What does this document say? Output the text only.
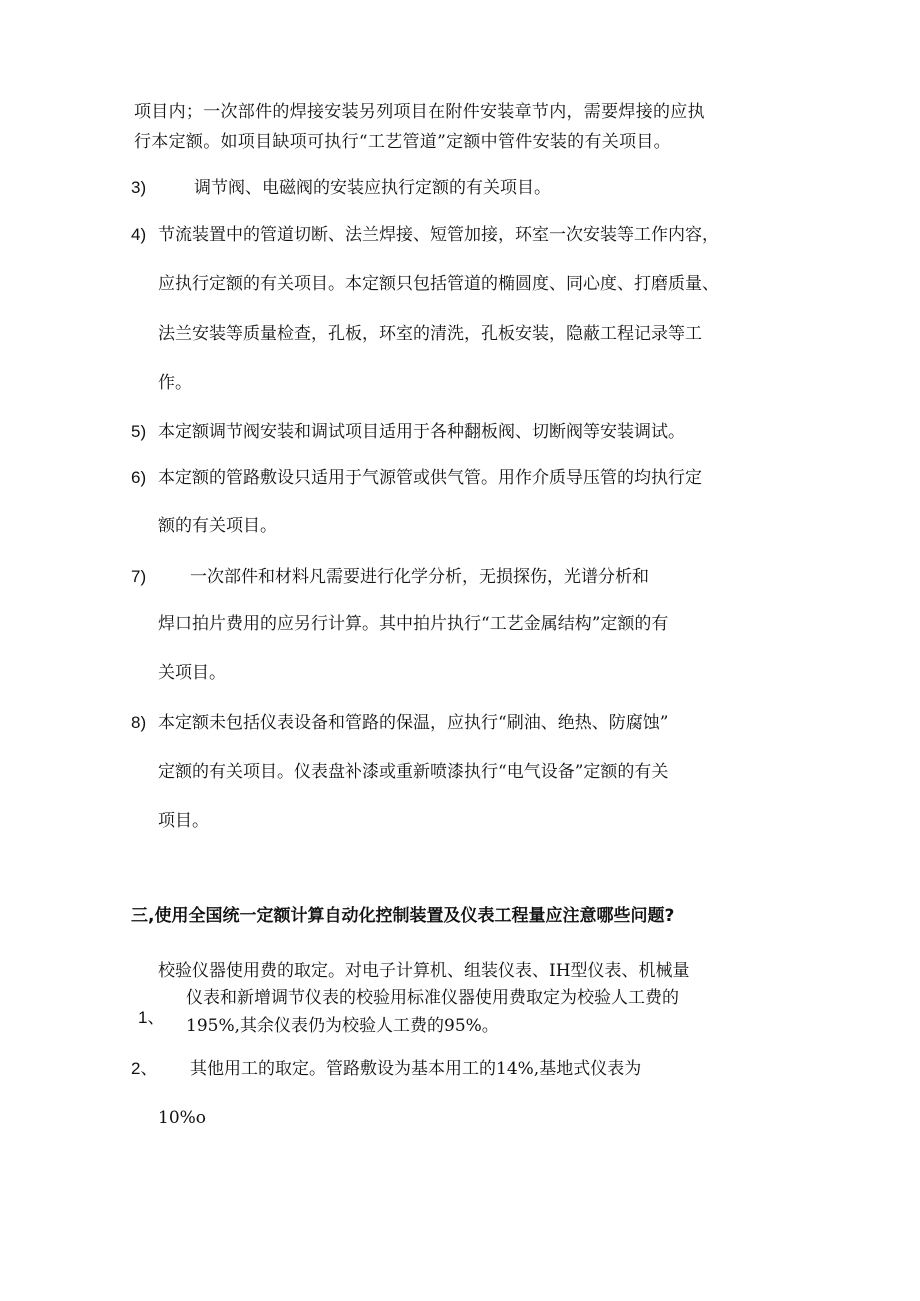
项目内；一次部件的焊接安装另列项目在附件安装章节内，需要焊接的应执
行本定额。如项目缺项可执行“工艺管道”定额中管件安装的有关项目。
3)	调节阀、电磁阀的安装应执行定额的有关项目。
4) 节流装置中的管道切断、法兰焊接、短管加接，环室一次安装等工作内容，
应执行定额的有关项目。本定额只包括管道的椭圆度、同心度、打磨质量、
法兰安装等质量检查，孔板，环室的清洗，孔板安装，隐蔽工程记录等工
作。
5) 本定额调节阀安装和调试项目适用于各种翻板阀、切断阀等安装调试。
6) 本定额的管路敷设只适用于气源管或供气管。用作介质导压管的均执行定
额的有关项目。
7)	一次部件和材料凡需要进行化学分析，无损探伤，光谱分析和
焊口拍片费用的应另行计算。其中拍片执行“工艺金属结构”定额的有
关项目。
8) 本定额未包括仪表设备和管路的保温，应执行“刷油、绝热、防腐蚀”
定额的有关项目。仪表盘补漆或重新喷漆执行“电气设备”定额的有关
项目。
三,使用全国统一定额计算自动化控制装置及仪表工程量应注意哪些问题?
校验仪器使用费的取定。对电子计算机、组装仪表、IH型仪表、机械量
仪表和新增调节仪表的校验用标准仪器使用费取定为校验人工费的
1、 195%,其余仪表仍为校验人工费的95%。
2、 其他用工的取定。管路敷设为基本用工的14%,基地式仪表为
10%o
